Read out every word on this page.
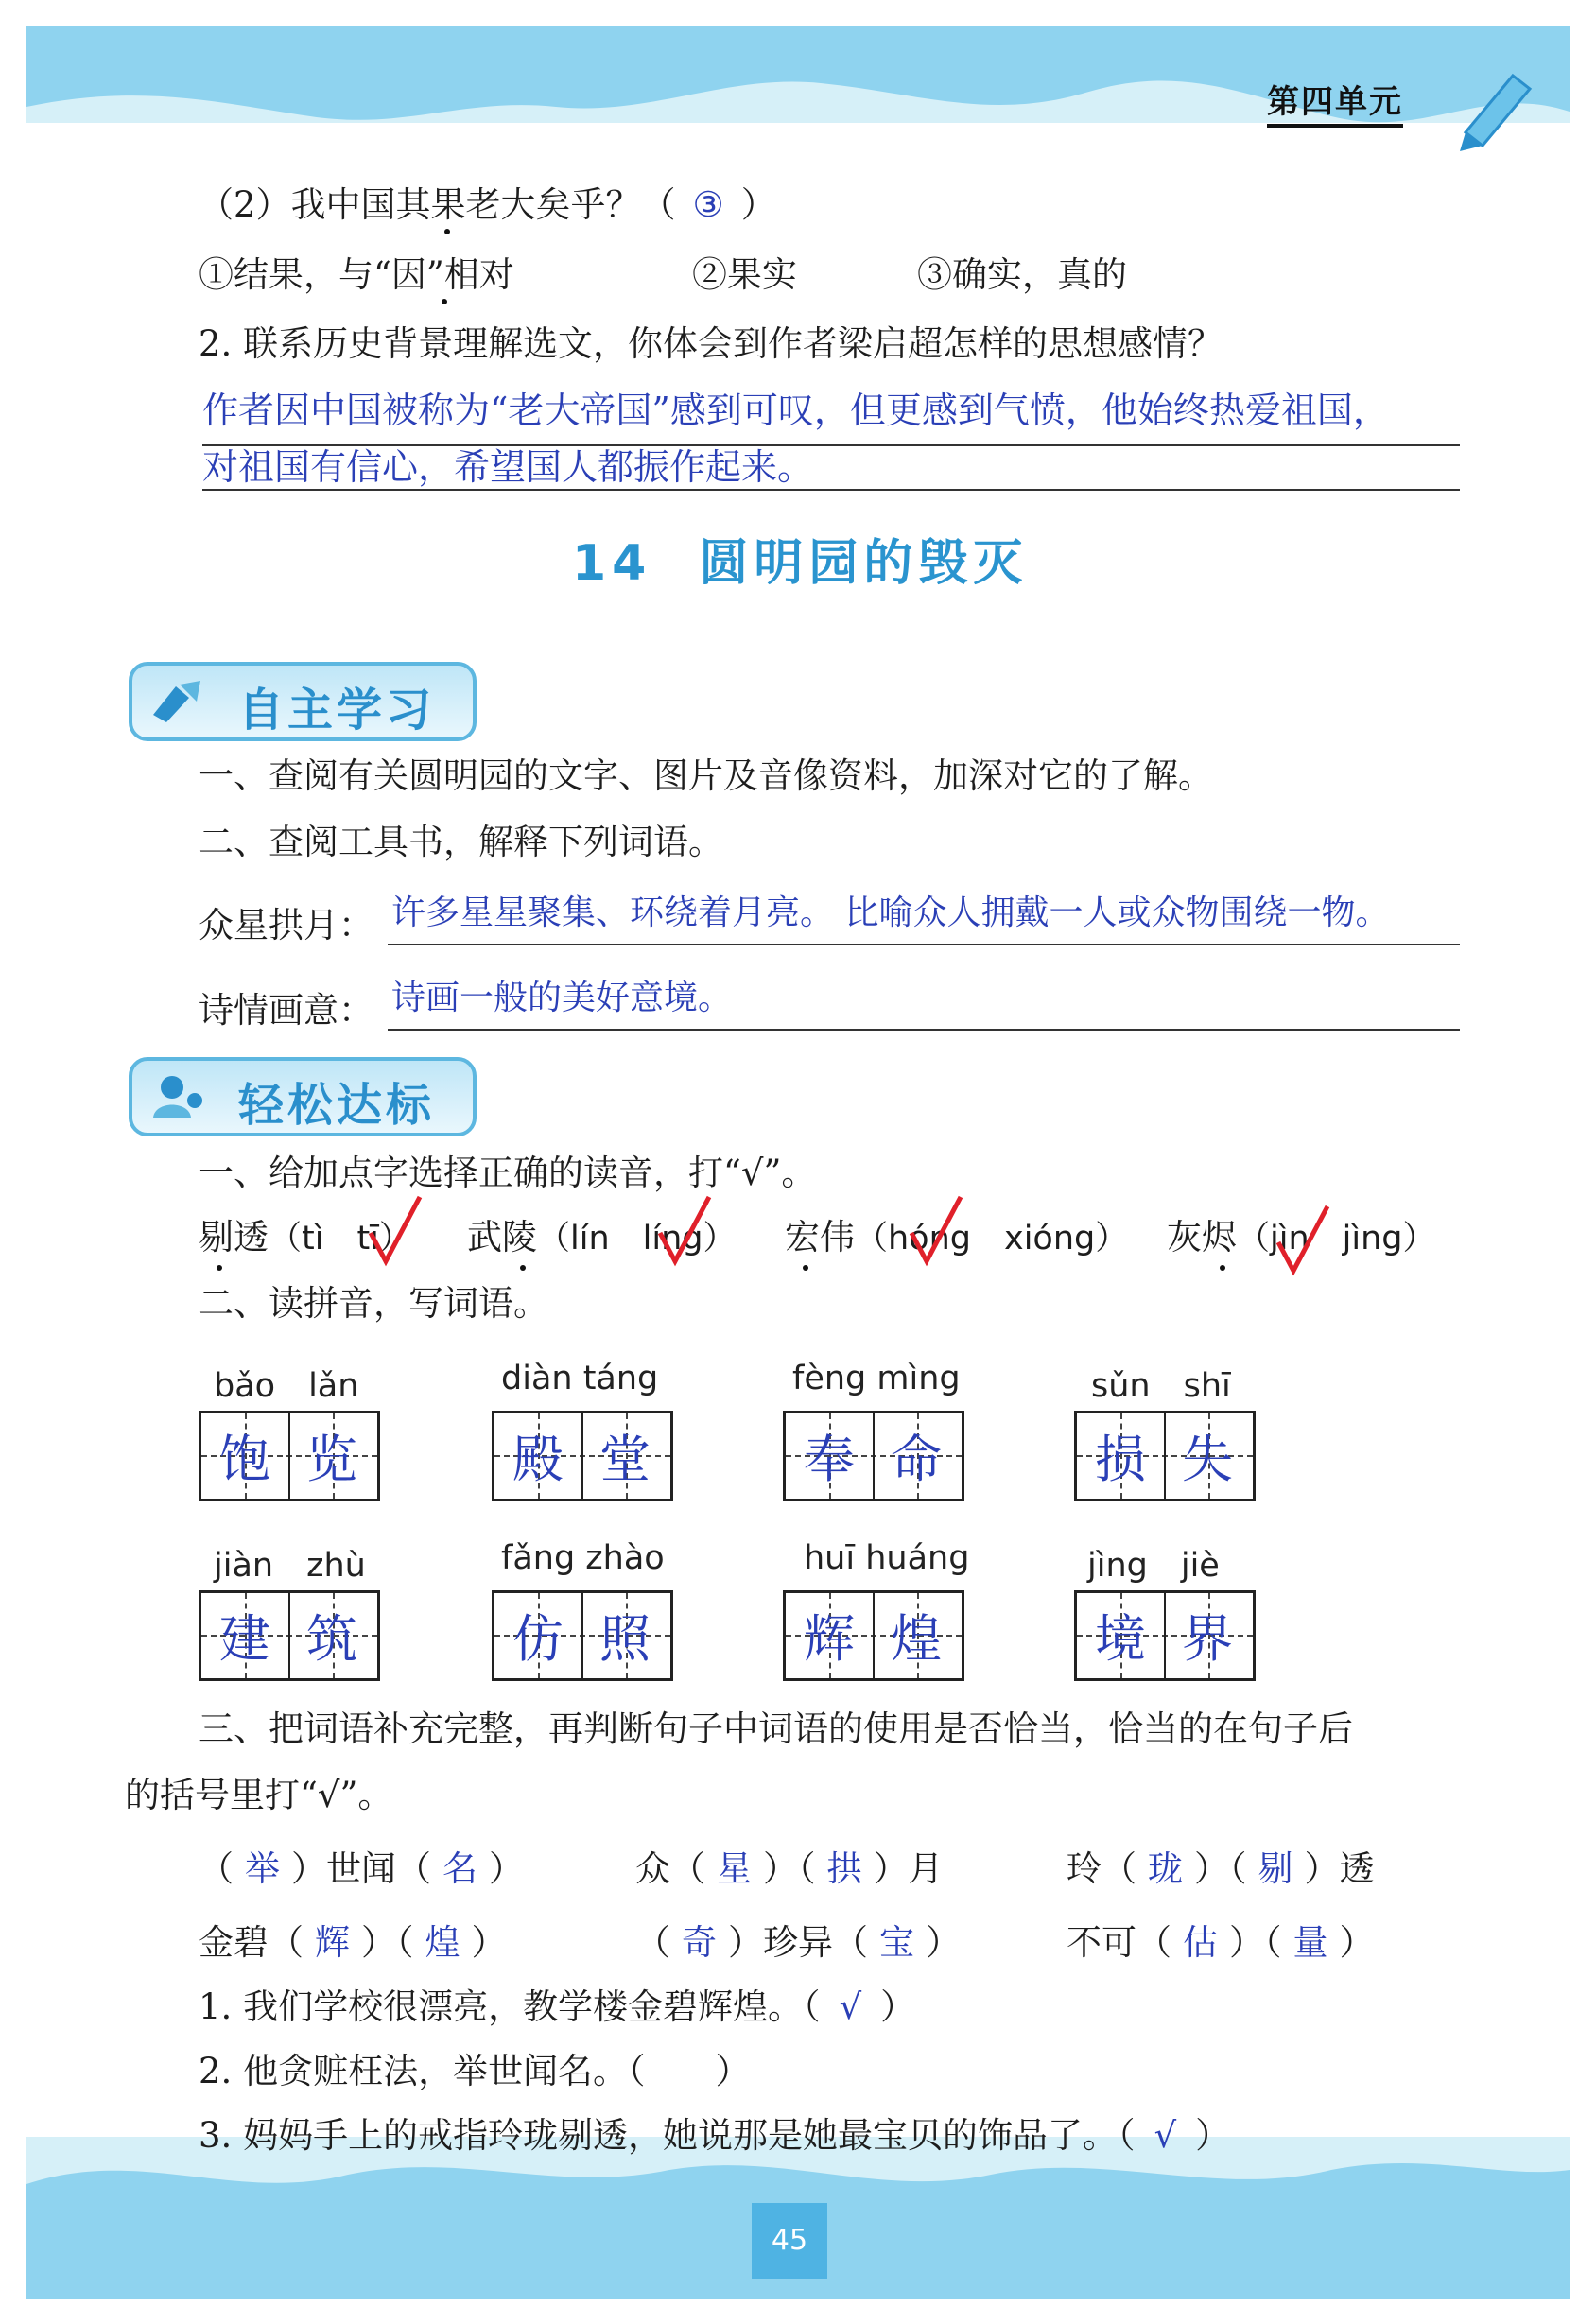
第四单元
（2）我中国其果老大矣乎？（ ③ ）
①结果，与“因”相对	②果实	③确实，真的
2. 联系历史背景理解选文，你体会到作者梁启超怎样的思想感情？
作者因中国被称为“老大帝国”感到可叹，但更感到气愤，他始终热爱祖国，
对祖国有信心，希望国人都振作起来。
14 圆明园的毁灭
自主学习
一、查阅有关圆明园的文字、图片及音像资料，加深对它的了解。
二、查阅工具书，解释下列词语。
众星拱月： 许多星星聚集、环绕着月亮。 比喻众人拥戴一人或众物围绕一物。
诗情画意： 诗画一般的美好意境。
轻松达标
一、给加点字选择正确的读音，打“√”。
剔透（tì　tī） 武陵（lín　líng） 宏伟（hóng　xióng） 灰烬（jìn　jìng）
二、读拼音，写词语。
bǎo　lǎn
饱 览
diàn táng
殿 堂
fèng mìng
奉 命
sǔn　shī
损 失
jiàn　zhù
建 筑
fǎng zhào
仿 照
huī huáng
辉 煌
jìng　jiè
境 界
三、把词语补充完整，再判断句子中词语的使用是否恰当，恰当的在句子后
的括号里打“√”。
（ 举 ）世闻（ 名 ）	众（ 星 ）（ 拱 ）月	玲（ 珑 ）（ 剔 ）透
金碧（ 辉 ）（ 煌 ）	（ 奇 ）珍异（ 宝 ）	不可（ 估 ）（ 量 ）
1. 我们学校很漂亮，教学楼金碧辉煌。（ √ ）
2. 他贪赃枉法，举世闻名。（　　）
3. 妈妈手上的戒指玲珑剔透，她说那是她最宝贝的饰品了。（ √ ）
45
